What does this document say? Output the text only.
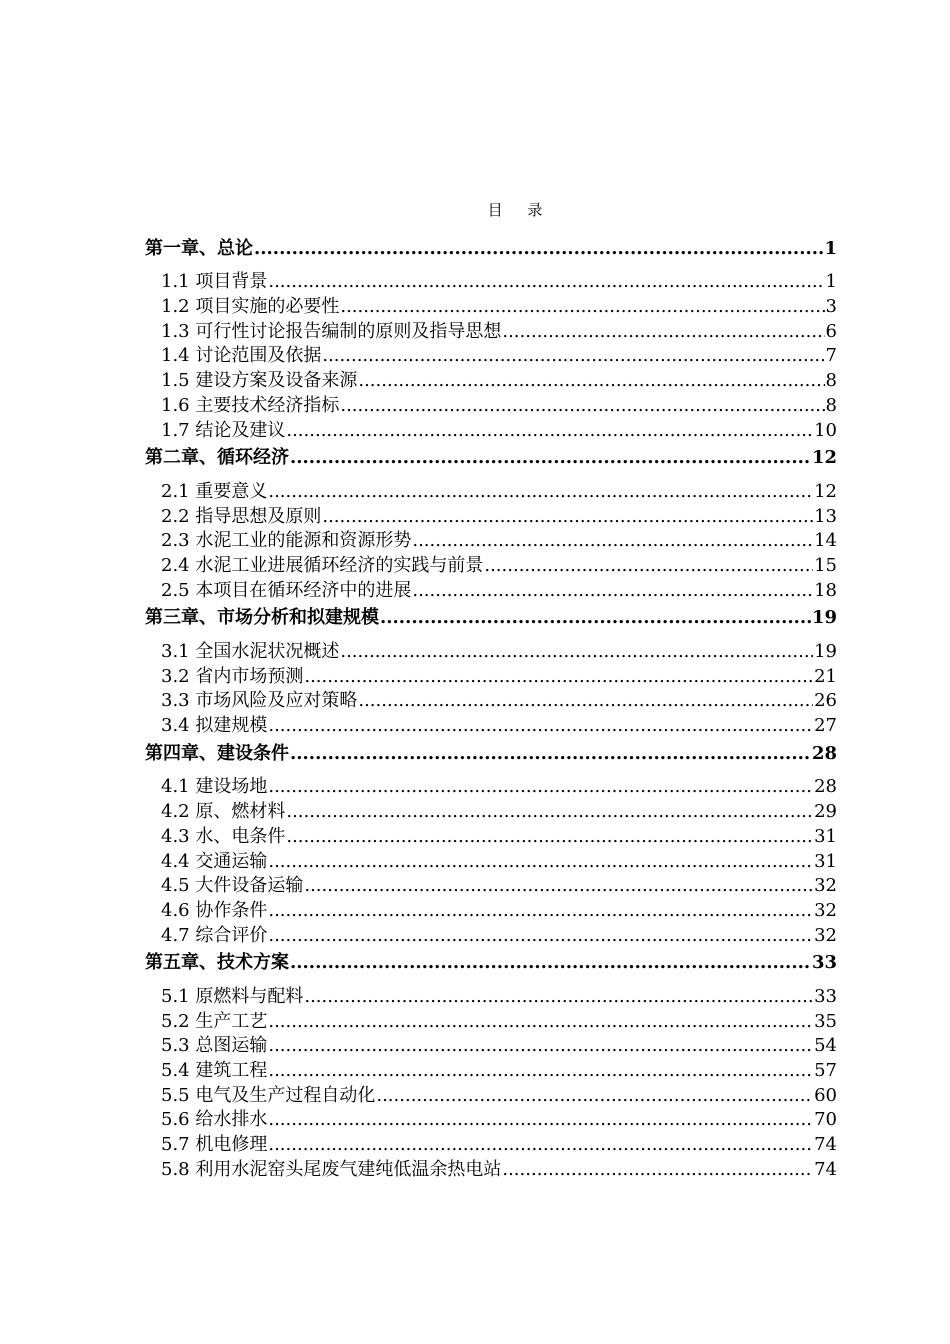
目 录
第一章、总论 .....	1
1.1 项目背景 .....	1
1.2 项目实施的必要性 .....	3
1.3 可行性讨论报告编制的原则及指导思想 .....	6
1.4 讨论范围及依据 .....	7
1.5 建设方案及设备来源 .....	8
1.6 主要技术经济指标 .....	8
1.7 结论及建议 .....	10
第二章、循环经济 .....	12
2.1 重要意义 .....	12
2.2 指导思想及原则 .....	13
2.3 水泥工业的能源和资源形势 .....	14
2.4 水泥工业进展循环经济的实践与前景 .....	15
2.5 本项目在循环经济中的进展 .....	18
第三章、市场分析和拟建规模 .....	19
3.1 全国水泥状况概述 .....	19
3.2 省内市场预测 .....	21
3.3 市场风险及应对策略 .....	26
3.4 拟建规模 .....	27
第四章、建设条件 .....	28
4.1 建设场地 .....	28
4.2 原、燃材料 .....	29
4.3 水、电条件 .....	31
4.4 交通运输 .....	31
4.5 大件设备运输 .....	32
4.6 协作条件 .....	32
4.7 综合评价 .....	32
第五章、技术方案 .....	33
5.1 原燃料与配料 .....	33
5.2 生产工艺 .....	35
5.3 总图运输 .....	54
5.4 建筑工程 .....	57
5.5 电气及生产过程自动化 .....	60
5.6 给水排水 .....	70
5.7 机电修理 .....	74
5.8 利用水泥窑头尾废气建纯低温余热电站 .....	74
